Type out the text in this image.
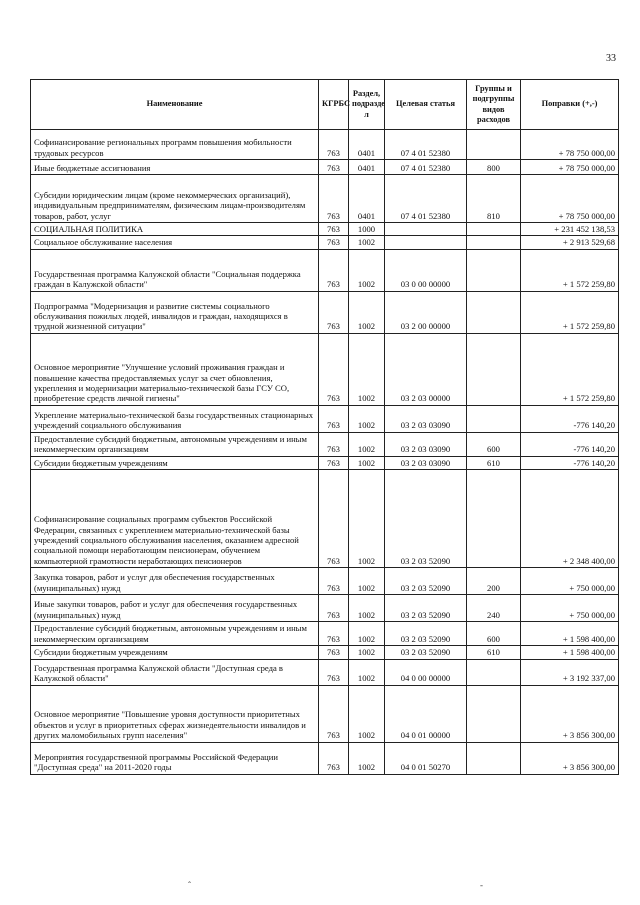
33
Наименование	КГРБС	Раздел, подразде л	Целевая статья	Группы и подгруппы видов расходов	Поправки (+,-)
Софинансирование региональных программ повышения мобильности трудовых ресурсов	763	0401	07 4 01 52380		+ 78 750 000,00
Иные бюджетные ассигнования	763	0401	07 4 01 52380	800	+ 78 750 000,00
Субсидии юридическим лицам (кроме некоммерческих организаций), индивидуальным предпринимателям, физическим лицам-производителям товаров, работ, услуг	763	0401	07 4 01 52380	810	+ 78 750 000,00
СОЦИАЛЬНАЯ ПОЛИТИКА	763	1000			+ 231 452 138,53
Социальное обслуживание населения	763	1002			+ 2 913 529,68
Государственная программа Калужской области "Социальная поддержка граждан в Калужской области"	763	1002	03 0 00 00000		+ 1 572 259,80
Подпрограмма "Модернизация и развитие системы социального обслуживания пожилых людей, инвалидов и граждан, находящихся в трудной жизненной ситуации"	763	1002	03 2 00 00000		+ 1 572 259,80
Основное мероприятие "Улучшение условий проживания граждан и повышение качества предоставляемых услуг за счет обновления, укрепления и модернизации материально-технической базы ГСУ СО, приобретение средств личной гигиены"	763	1002	03 2 03 00000		+ 1 572 259,80
Укрепление материально-технической базы государственных стационарных учреждений социального обслуживания	763	1002	03 2 03 03090		-776 140,20
Предоставление субсидий бюджетным, автономным учреждениям и иным некоммерческим организациям	763	1002	03 2 03 03090	600	-776 140,20
Субсидии бюджетным учреждениям	763	1002	03 2 03 03090	610	-776 140,20
Софинансирование социальных программ субъектов Российской Федерации, связанных с укреплением материально-технической базы учреждений социального обслуживания населения, оказанием адресной социальной помощи неработающим пенсионерам, обучением компьютерной грамотности неработающих пенсионеров	763	1002	03 2 03 52090		+ 2 348 400,00
Закупка товаров, работ и услуг для обеспечения государственных (муниципальных) нужд	763	1002	03 2 03 52090	200	+ 750 000,00
Иные закупки товаров, работ и услуг для обеспечения государственных (муниципальных) нужд	763	1002	03 2 03 52090	240	+ 750 000,00
Предоставление субсидий бюджетным, автономным учреждениям и иным некоммерческим организациям	763	1002	03 2 03 52090	600	+ 1 598 400,00
Субсидии бюджетным учреждениям	763	1002	03 2 03 52090	610	+ 1 598 400,00
Государственная программа Калужской области "Доступная среда в Калужской области"	763	1002	04 0 00 00000		+ 3 192 337,00
Основное мероприятие "Повышение уровня доступности приоритетных объектов и услуг в приоритетных сферах жизнедеятельности инвалидов и других маломобильных групп населения"	763	1002	04 0 01 00000		+ 3 856 300,00
Мероприятия государственной программы Российской Федерации "Доступная среда" на 2011-2020 годы	763	1002	04 0 01 50270		+ 3 856 300,00
ˆ	-
